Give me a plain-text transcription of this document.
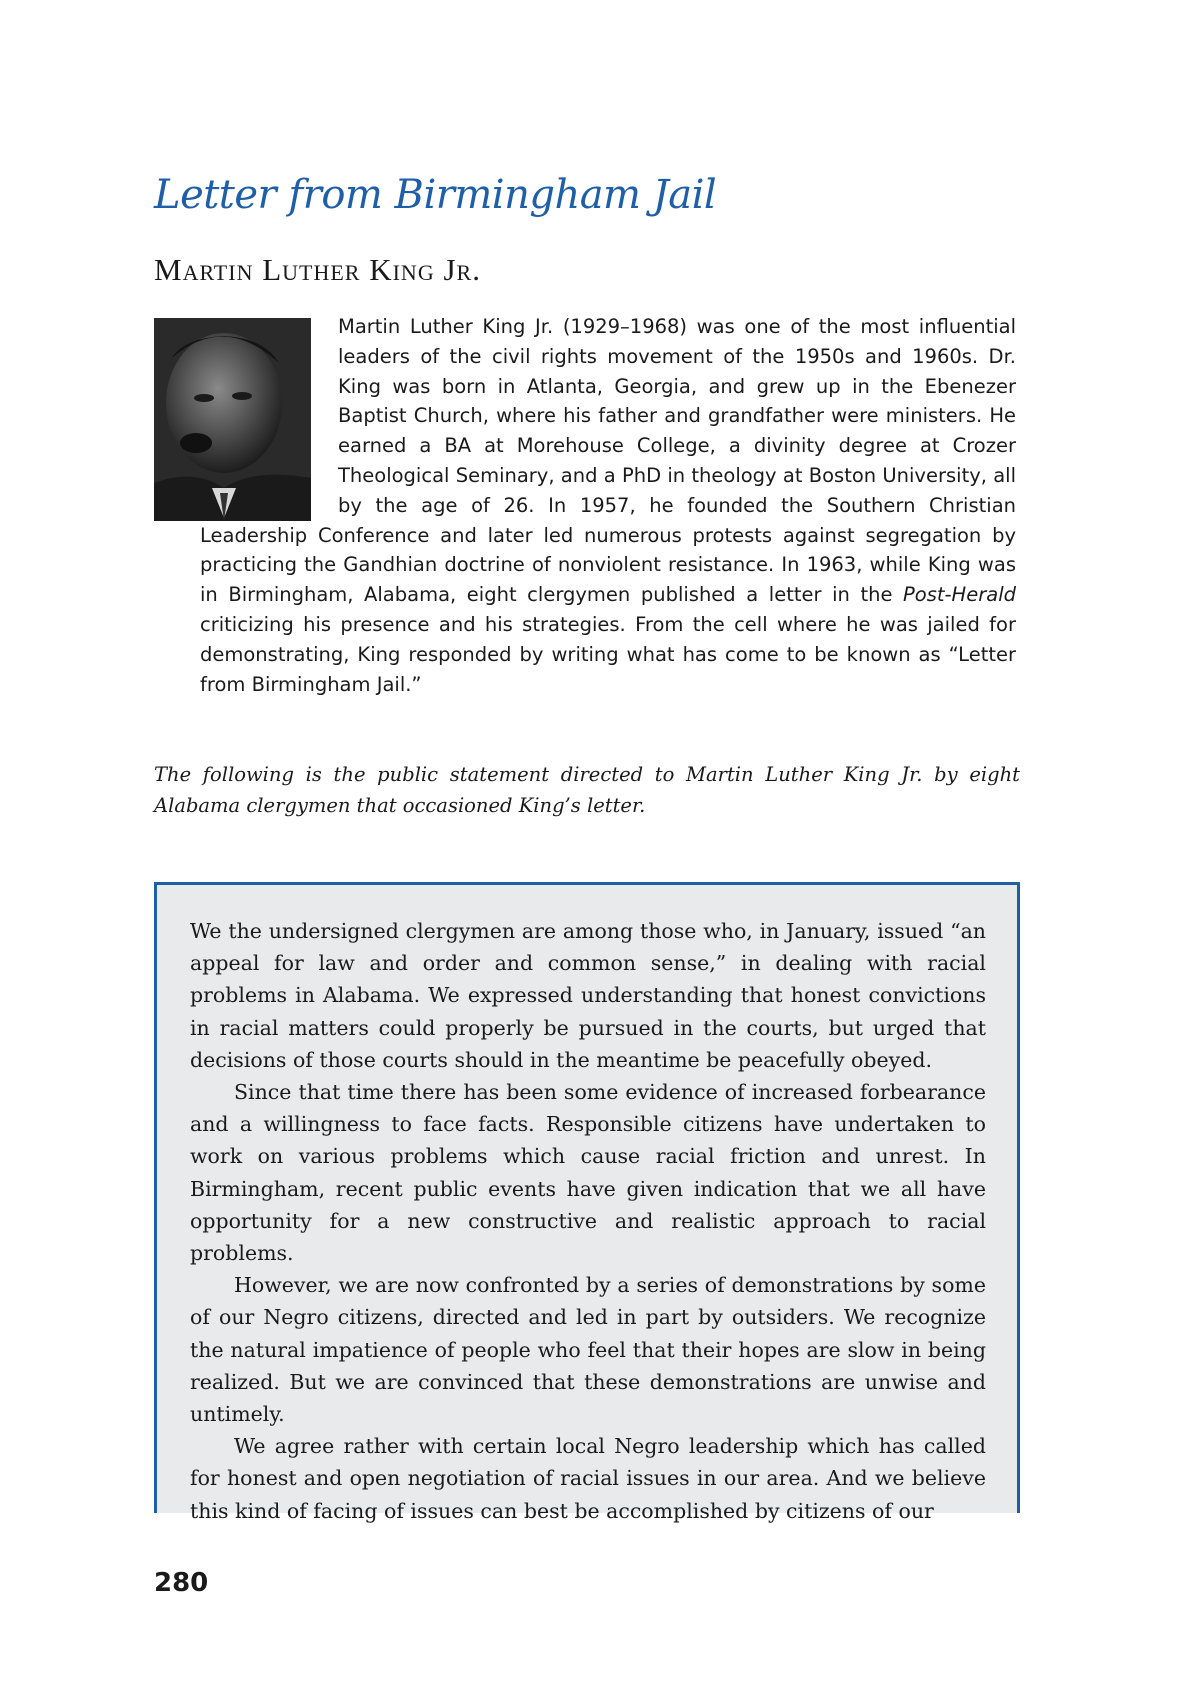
Letter from Birmingham Jail
Martin Luther King Jr.

Martin Luther King Jr. (1929–1968) was one of the most influential leaders of the civil rights movement of the 1950s and 1960s. Dr. King was born in Atlanta, Georgia, and grew up in the Ebenezer Baptist Church, where his father and grandfather were ministers. He earned a BA at Morehouse College, a divinity degree at Crozer Theological Seminary, and a PhD in theology at Boston University, all by the age of 26. In 1957, he founded the Southern Christian Leadership Conference and later led numerous protests against segregation by practicing the Gandhian doctrine of nonviolent resistance. In 1963, while King was in Birmingham, Alabama, eight clergymen published a letter in the Post-Herald criticizing his presence and his strategies. From the cell where he was jailed for demonstrating, King responded by writing what has come to be known as “Letter from Birmingham Jail.”

The following is the public statement directed to Martin Luther King Jr. by eight Alabama clergymen that occasioned King’s letter.

We the undersigned clergymen are among those who, in January, issued “an appeal for law and order and common sense,” in dealing with racial problems in Alabama. We expressed understanding that honest convictions in racial matters could properly be pursued in the courts, but urged that decisions of those courts should in the meantime be peacefully obeyed.

Since that time there has been some evidence of increased forbearance and a willingness to face facts. Responsible citizens have undertaken to work on various problems which cause racial friction and unrest. In Birmingham, recent public events have given indication that we all have opportunity for a new constructive and realistic approach to racial problems.

However, we are now confronted by a series of demonstrations by some of our Negro citizens, directed and led in part by outsiders. We recognize the natural impatience of people who feel that their hopes are slow in being realized. But we are convinced that these demonstrations are unwise and untimely.

We agree rather with certain local Negro leadership which has called for honest and open negotiation of racial issues in our area. And we believe this kind of facing of issues can best be accomplished by citizens of our

280
